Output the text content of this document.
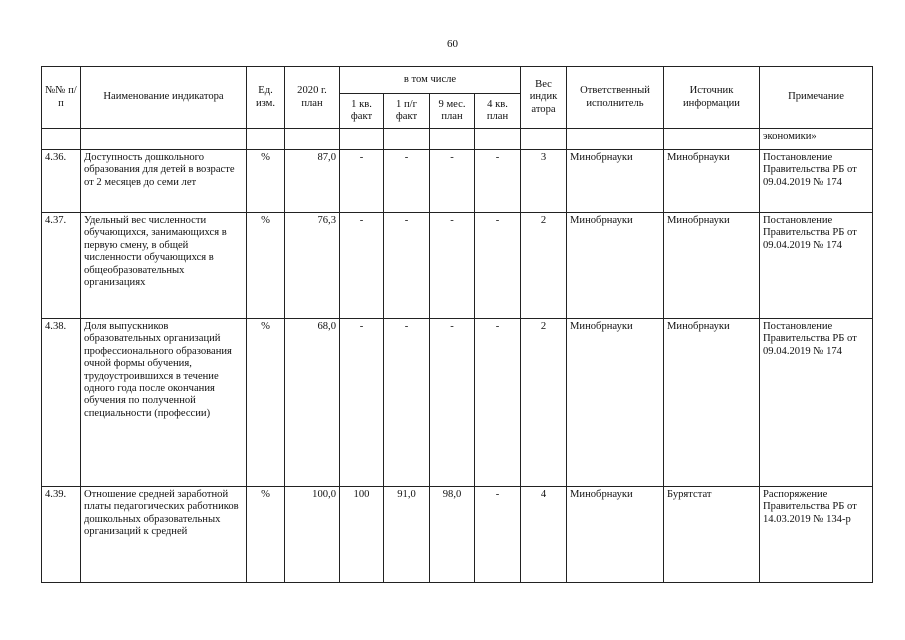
60
№№ п/п	Наименование индикатора	Ед. изм.	2020 г. план	в том числе				Вес индик атора	Ответственный исполнитель	Источник информации	Примечание
				1 кв. факт	1 п/г факт	9 мес. план	4 кв. план				
											экономики»
4.36.	Доступность дошкольного образования для детей в возрасте от 2 месяцев до семи лет	%	87,0	-	-	-	-	3	Минобрнауки	Минобрнауки	Постановление Правительства РБ от 09.04.2019 № 174
4.37.	Удельный вес численности обучающихся, занимающихся в первую смену, в общей численности обучающихся в общеобразовательных организациях	%	76,3	-	-	-	-	2	Минобрнауки	Минобрнауки	Постановление Правительства РБ от 09.04.2019 № 174
4.38.	Доля выпускников образовательных организаций профессионального образования очной формы обучения, трудоустроившихся в течение одного года после окончания обучения по полученной специальности (профессии)	%	68,0	-	-	-	-	2	Минобрнауки	Минобрнауки	Постановление Правительства РБ от 09.04.2019 № 174
4.39.	Отношение средней заработной платы педагогических работников дошкольных образовательных организаций к средней	%	100,0	100	91,0	98,0	-	4	Минобрнауки	Бурятстат	Распоряжение Правительства РБ от 14.03.2019 № 134-р
